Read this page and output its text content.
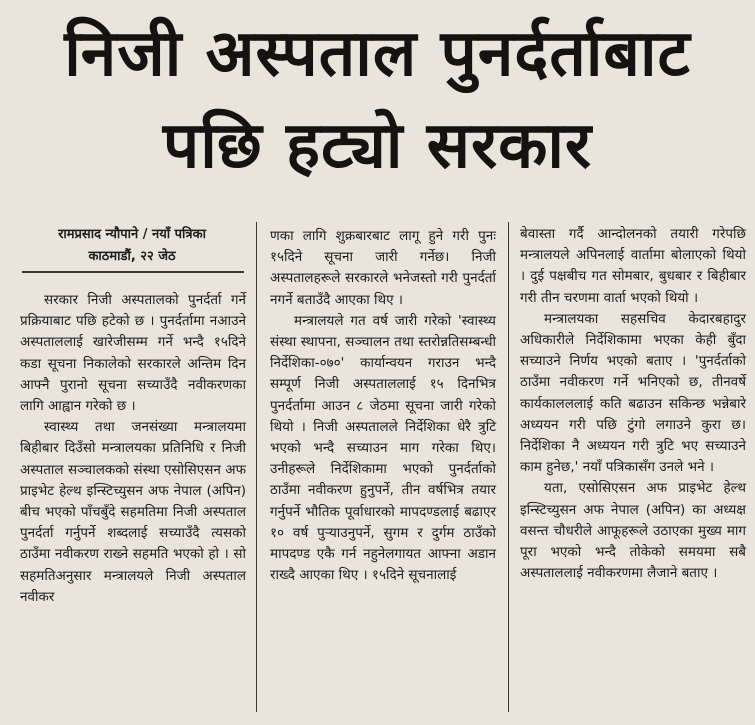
निजी अस्पताल पुनर्दर्ताबाट
पछि हट्यो सरकार
रामप्रसाद न्यौपाने / नयाँ पत्रिका
काठमाडौं, २२ जेठ

सरकार निजी अस्पतालको पुनर्दर्ता गर्ने प्रक्रियाबाट पछि हटेको छ । पुनर्दर्तामा नआउने अस्पताललाई खारेजीसम्म गर्ने भन्दै १५दिने कडा सूचना निकालेको सरकारले अन्तिम दिन आफ्नै पुरानो सूचना सच्याउँदै नवीकरणका लागि आह्वान गरेको छ ।

स्वास्थ्य तथा जनसंख्या मन्त्रालयमा बिहीबार दिउँसो मन्त्रालयका प्रतिनिधि र निजी अस्पताल सञ्चालकको संस्था एसोसिएसन अफ प्राइभेट हेल्थ इन्स्टिच्युसन अफ नेपाल (अपिन) बीच भएको पाँचबुँदे सहमतिमा निजी अस्पताल पुनर्दर्ता गर्नुपर्ने शब्दलाई सच्याउँदै त्यसको ठाउँमा नवीकरण राख्ने सहमति भएको हो । सो सहमतिअनुसार मन्त्रालयले निजी अस्पताल नवीकर

णका लागि शुक्रबारबाट लागू हुने गरी पुनः १५दिने सूचना जारी गर्नेछ। निजी अस्पतालहरूले सरकारले भनेजस्तो गरी पुनर्दर्ता नगर्ने बताउँदै आएका थिए ।

मन्त्रालयले गत वर्ष जारी गरेको 'स्वास्थ्य संस्था स्थापना, सञ्चालन तथा स्तरोन्नतिसम्बन्धी निर्देशिका-०७०' कार्यान्वयन गराउन भन्दै सम्पूर्ण निजी अस्पताललाई १५ दिनभित्र पुनर्दर्तामा आउन ८ जेठमा सूचना जारी गरेको थियो । निजी अस्पतालले निर्देशिका धेरै त्रुटि भएको भन्दै सच्याउन माग गरेका थिए। उनीहरूले निर्देशिकामा भएको पुनर्दर्ताको ठाउँमा नवीकरण हुनुपर्ने, तीन वर्षभित्र तयार गर्नुपर्ने भौतिक पूर्वाधारको मापदण्डलाई बढाएर १० वर्ष पुऱ्याउनुपर्ने, सुगम र दुर्गम ठाउँको मापदण्ड एकै गर्न नहुनेलगायत आफ्ना अडान राख्दै आएका थिए । १५दिने सूचनालाई

बेवास्ता गर्दै आन्दोलनको तयारी गरेपछि मन्त्रालयले अपिनलाई वार्तामा बोलाएको थियो । दुई पक्षबीच गत सोमबार, बुधबार र बिहीबार गरी तीन चरणमा वार्ता भएको थियो ।

मन्त्रालयका सहसचिव केदारबहादुर अधिकारीले निर्देशिकामा भएका केही बुँदा सच्याउने निर्णय भएको बताए । 'पुनर्दर्ताको ठाउँमा नवीकरण गर्ने भनिएको छ, तीनवर्षे कार्यकालललाई कति बढाउन सकिन्छ भन्नेबारे अध्ययन गरी पछि टुंगो लगाउने कुरा छ। निर्देशिका नै अध्ययन गरी त्रुटि भए सच्याउने काम हुनेछ,' नयाँ पत्रिकासँग उनले भने ।

यता, एसोसिएसन अफ प्राइभेट हेल्थ इन्स्टिच्युसन अफ नेपाल (अपिन) का अध्यक्ष वसन्त चौधरीले आफूहरूले उठाएका मुख्य माग पूरा भएको भन्दै तोकेको समयमा सबै अस्पताललाई नवीकरणमा लैजाने बताए ।
